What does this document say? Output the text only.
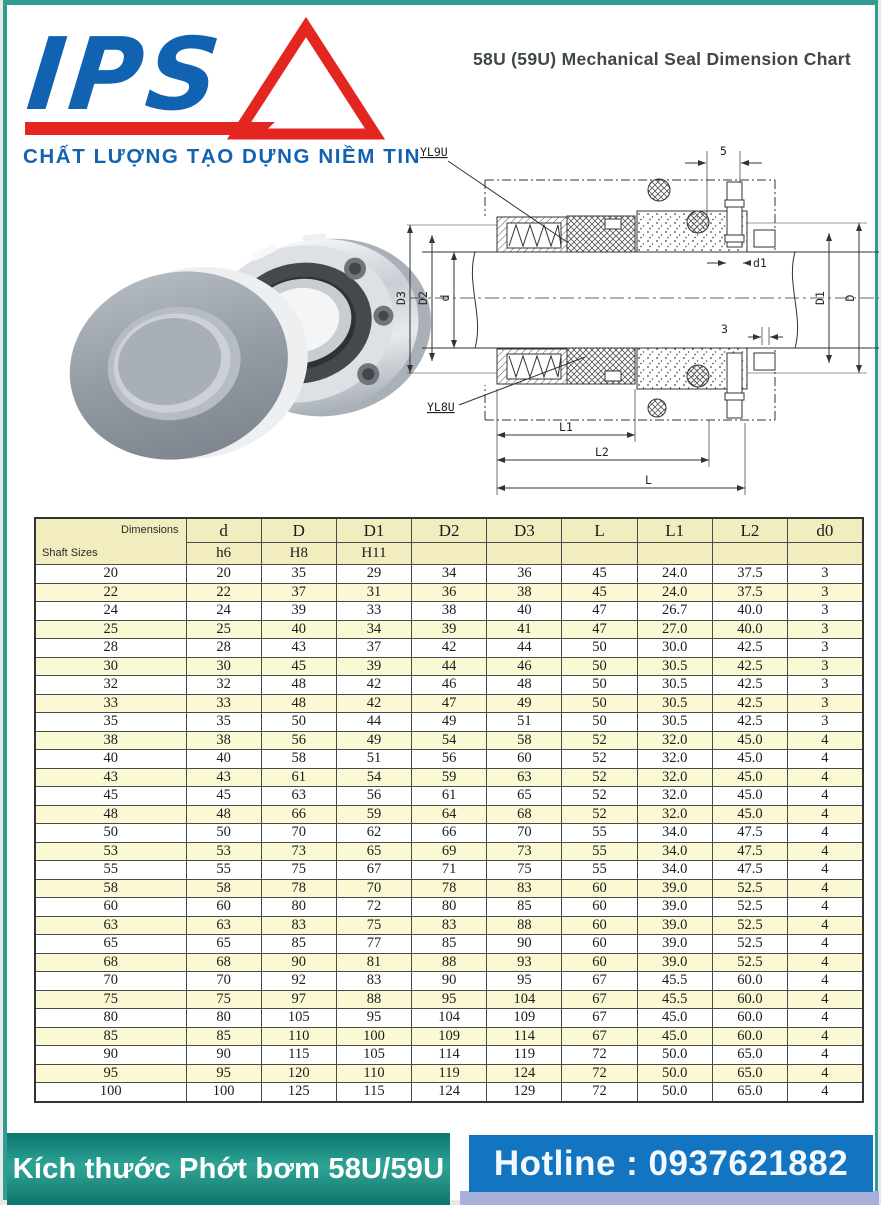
IPS
CHẤT LƯỢNG TẠO DỰNG NIỀM TIN
58U (59U) Mechanical Seal Dimension Chart
YL9U
YL8U
5
d1
3
D3 D2 d	D1 D
L1
L2
L
Dimensions
Shaft Sizes	d	D	D1	D2	D3	L	L1	L2	d0
	h6	H8	H11						
20	20	35	29	34	36	45	24.0	37.5	3
22	22	37	31	36	38	45	24.0	37.5	3
24	24	39	33	38	40	47	26.7	40.0	3
25	25	40	34	39	41	47	27.0	40.0	3
28	28	43	37	42	44	50	30.0	42.5	3
30	30	45	39	44	46	50	30.5	42.5	3
32	32	48	42	46	48	50	30.5	42.5	3
33	33	48	42	47	49	50	30.5	42.5	3
35	35	50	44	49	51	50	30.5	42.5	3
38	38	56	49	54	58	52	32.0	45.0	4
40	40	58	51	56	60	52	32.0	45.0	4
43	43	61	54	59	63	52	32.0	45.0	4
45	45	63	56	61	65	52	32.0	45.0	4
48	48	66	59	64	68	52	32.0	45.0	4
50	50	70	62	66	70	55	34.0	47.5	4
53	53	73	65	69	73	55	34.0	47.5	4
55	55	75	67	71	75	55	34.0	47.5	4
58	58	78	70	78	83	60	39.0	52.5	4
60	60	80	72	80	85	60	39.0	52.5	4
63	63	83	75	83	88	60	39.0	52.5	4
65	65	85	77	85	90	60	39.0	52.5	4
68	68	90	81	88	93	60	39.0	52.5	4
70	70	92	83	90	95	67	45.5	60.0	4
75	75	97	88	95	104	67	45.5	60.0	4
80	80	105	95	104	109	67	45.0	60.0	4
85	85	110	100	109	114	67	45.0	60.0	4
90	90	115	105	114	119	72	50.0	65.0	4
95	95	120	110	119	124	72	50.0	65.0	4
100	100	125	115	124	129	72	50.0	65.0	4
Kích thước Phớt bơm 58U/59U Hotline : 0937621882
